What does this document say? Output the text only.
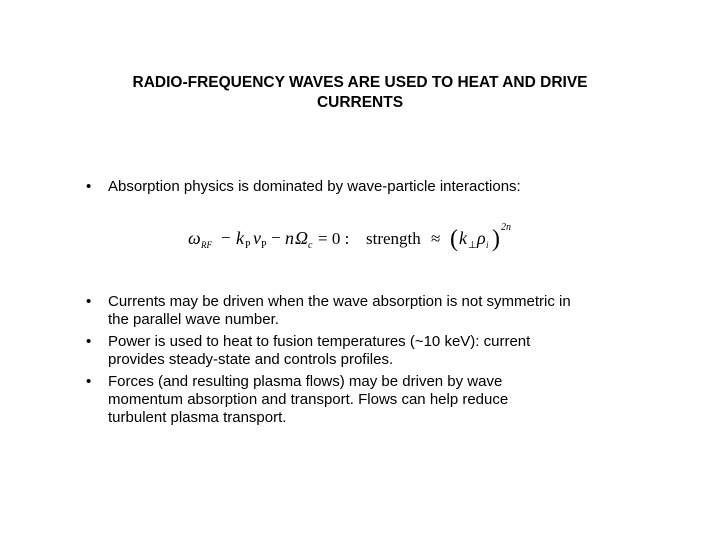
RADIO-FREQUENCY WAVES ARE USED TO HEAT AND DRIVE
CURRENTS
•	Absorption physics is dominated by wave-particle interactions:
ω RF − k P v P − n Ω c = 0 : strength ≈ ( k ⊥ ρ i ) 2n
•	Currents may be driven when the wave absorption is not symmetric in
the parallel wave number.
•	Power is used to heat to fusion temperatures (~10 keV): current
provides steady-state and controls profiles.
•	Forces (and resulting plasma flows) may be driven by wave
momentum absorption and transport. Flows can help reduce
turbulent plasma transport.
